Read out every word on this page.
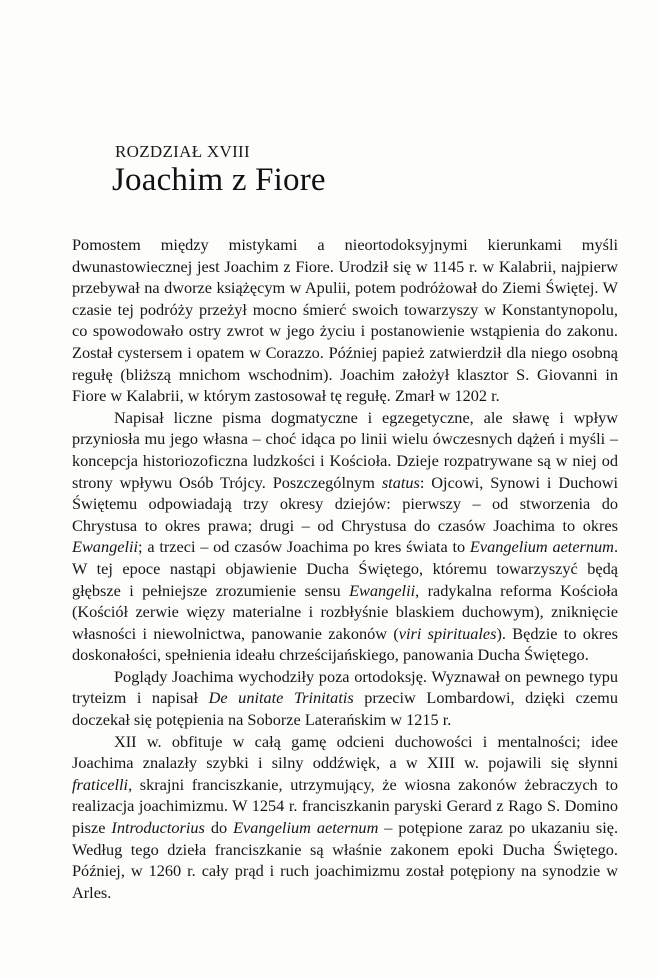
ROZDZIAŁ XVIII
Joachim z Fiore

Pomostem między mistykami a nieortodoksyjnymi kierunkami myśli dwunastowiecznej jest Joachim z Fiore. Urodził się w 1145 r. w Kalabrii, najpierw przebywał na dworze książęcym w Apulii, potem podróżował do Ziemi Świętej. W czasie tej podróży przeżył mocno śmierć swoich towarzyszy w Konstantynopolu, co spowodowało ostry zwrot w jego życiu i postanowienie wstąpienia do zakonu. Został cystersem i opatem w Corazzo. Później papież zatwierdził dla niego osobną regułę (bliższą mnichom wschodnim). Joachim założył klasztor S. Giovanni in Fiore w Kalabrii, w którym zastosował tę regułę. Zmarł w 1202 r.

Napisał liczne pisma dogmatyczne i egzegetyczne, ale sławę i wpływ przyniosła mu jego własna – choć idąca po linii wielu ówczesnych dążeń i myśli – koncepcja historiozoficzna ludzkości i Kościoła. Dzieje rozpatrywane są w niej od strony wpływu Osób Trójcy. Poszczególnym status: Ojcowi, Synowi i Duchowi Świętemu odpowiadają trzy okresy dziejów: pierwszy – od stworzenia do Chrystusa to okres prawa; drugi – od Chrystusa do czasów Joachima to okres Ewangelii; a trzeci – od czasów Joachima po kres świata to Evangelium aeternum. W tej epoce nastąpi objawienie Ducha Świętego, któremu towarzyszyć będą głębsze i pełniejsze zrozumienie sensu Ewangelii, radykalna reforma Kościoła (Kościół zerwie więzy materialne i rozbłyśnie blaskiem duchowym), zniknięcie własności i niewolnictwa, panowanie zakonów (viri spirituales). Będzie to okres doskonałości, spełnienia ideału chrześcijańskiego, panowania Ducha Świętego.

Poglądy Joachima wychodziły poza ortodoksję. Wyznawał on pewnego typu tryteizm i napisał De unitate Trinitatis przeciw Lombardowi, dzięki czemu doczekał się potępienia na Soborze Laterańskim w 1215 r.

XII w. obfituje w całą gamę odcieni duchowości i mentalności; idee Joachima znalazły szybki i silny oddźwięk, a w XIII w. pojawili się słynni fraticelli, skrajni franciszkanie, utrzymujący, że wiosna zakonów żebraczych to realizacja joachimizmu. W 1254 r. franciszkanin paryski Gerard z Rago S. Domino pisze Introductorius do Evangelium aeternum – potępione zaraz po ukazaniu się. Według tego dzieła franciszkanie są właśnie zakonem epoki Ducha Świętego. Później, w 1260 r. cały prąd i ruch joachimizmu został potępiony na synodzie w Arles.
